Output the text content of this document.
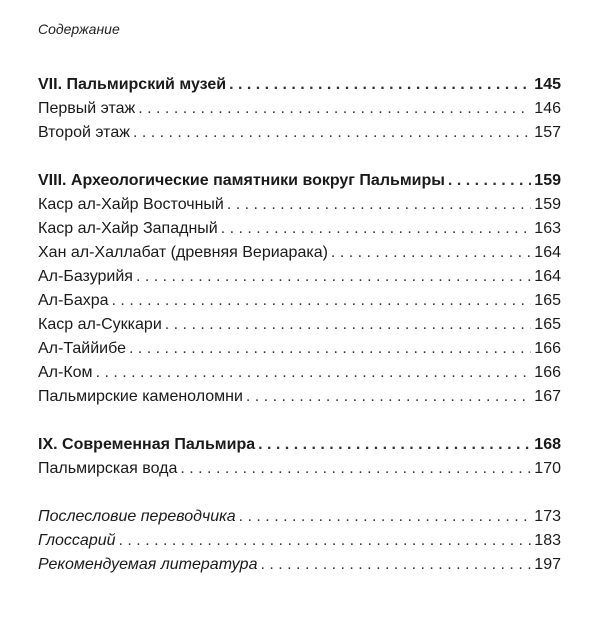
Содержание
VII. Пальмирский музей . . .	145
Первый этаж . . .	146
Второй этаж . . .	157
VIII. Археологические памятники вокруг Пальмиры . . .	159
Каср ал-Хайр Восточный . . .	159
Каср ал-Хайр Западный . . .	163
Хан ал-Халлабат (древняя Вериарака) . . .	164
Ал-Базурийя . . .	164
Ал-Бахра . . .	165
Каср ал-Суккари . . .	165
Ал-Таййибе . . .	166
Ал-Ком . . .	166
Пальмирские каменоломни . . .	167
IX. Современная Пальмира . . .	168
Пальмирская вода . . .	170
Послесловие переводчика . . .	173
Глоссарий . . .	183
Рекомендуемая литература . . .	197
